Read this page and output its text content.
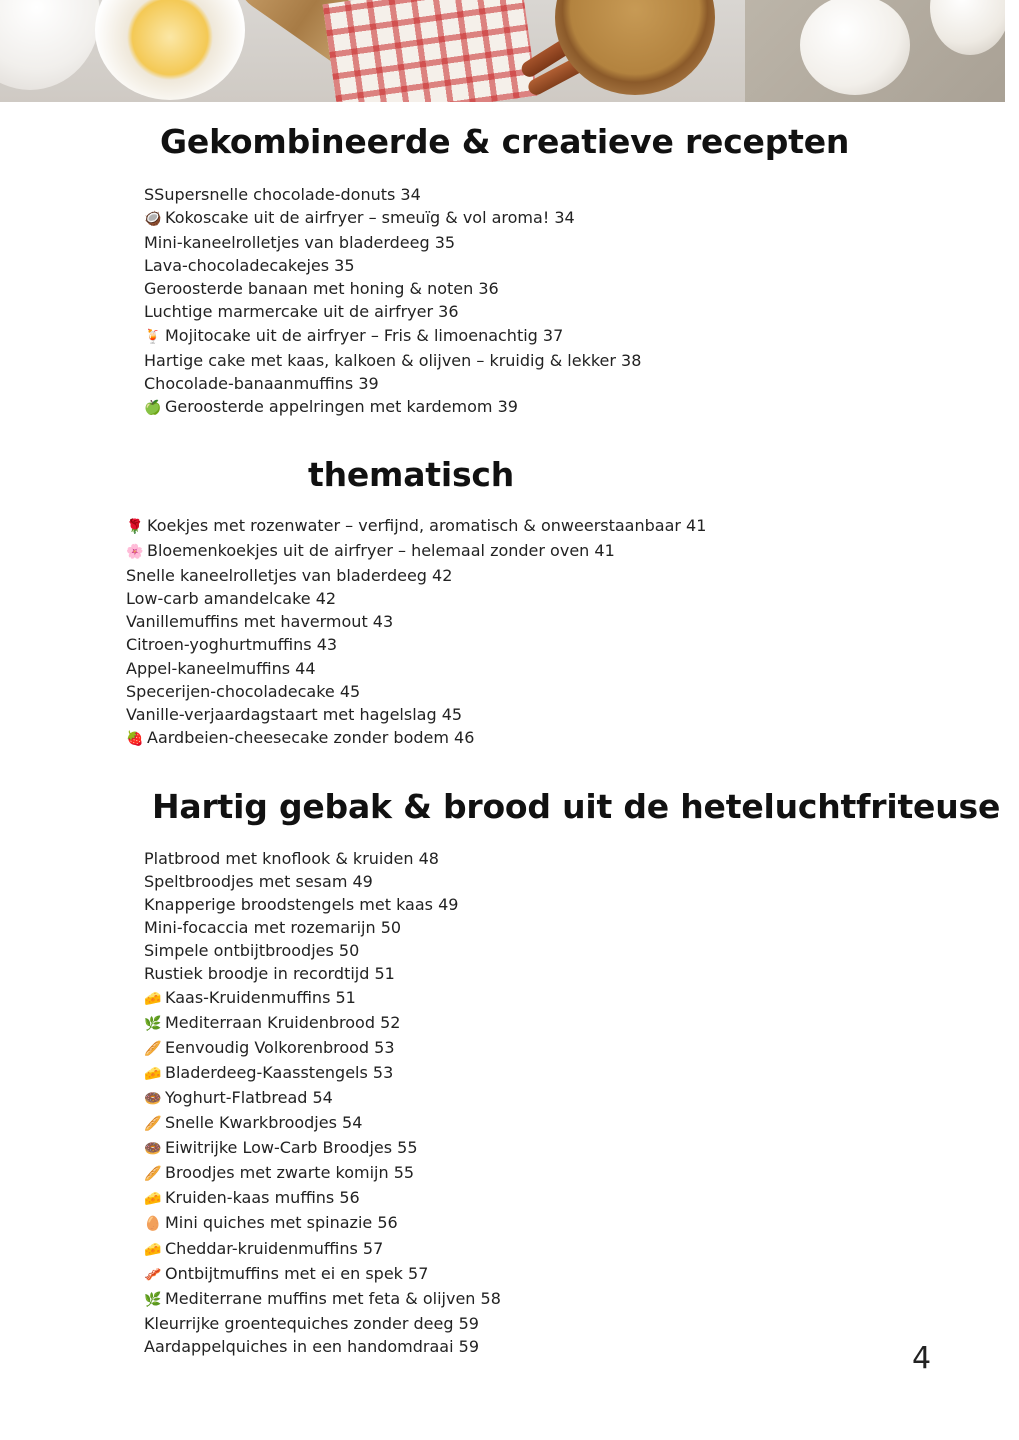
Gekombineerde & creatieve recepten
SSupersnelle chocolade-donuts 34
🥥 Kokoscake uit de airfryer – smeuïg & vol aroma! 34
Mini-kaneelrolletjes van bladerdeeg 35
Lava-chocoladecakejes 35
Geroosterde banaan met honing & noten 36
Luchtige marmercake uit de airfryer 36
🍹 Mojitocake uit de airfryer – Fris & limoenachtig 37
Hartige cake met kaas, kalkoen & olijven – kruidig & lekker 38
Chocolade-banaanmuffins 39
🍏 Geroosterde appelringen met kardemom 39
thematisch
🌹 Koekjes met rozenwater – verfijnd, aromatisch & onweerstaanbaar 41
🌸 Bloemenkoekjes uit de airfryer – helemaal zonder oven 41
Snelle kaneelrolletjes van bladerdeeg 42
Low-carb amandelcake 42
Vanillemuffins met havermout 43
Citroen-yoghurtmuffins 43
Appel-kaneelmuffins 44
Specerijen-chocoladecake 45
Vanille-verjaardagstaart met hagelslag 45
🍓 Aardbeien-cheesecake zonder bodem 46
Hartig gebak & brood uit de heteluchtfriteuse
Platbrood met knoflook & kruiden 48
Speltbroodjes met sesam 49
Knapperige broodstengels met kaas 49
Mini-focaccia met rozemarijn 50
Simpele ontbijtbroodjes 50
Rustiek broodje in recordtijd 51
🧀 Kaas-Kruidenmuffins 51
🌿 Mediterraan Kruidenbrood 52
🥖 Eenvoudig Volkorenbrood 53
🧀 Bladerdeeg-Kaasstengels 53
🍩 Yoghurt-Flatbread 54
🥖 Snelle Kwarkbroodjes 54
🍩 Eiwitrijke Low-Carb Broodjes 55
🥖 Broodjes met zwarte komijn 55
🧀 Kruiden-kaas muffins 56
🥚 Mini quiches met spinazie 56
🧀 Cheddar-kruidenmuffins 57
🥓 Ontbijtmuffins met ei en spek 57
🌿 Mediterrane muffins met feta & olijven 58
Kleurrijke groentequiches zonder deeg 59
Aardappelquiches in een handomdraai 59	4
